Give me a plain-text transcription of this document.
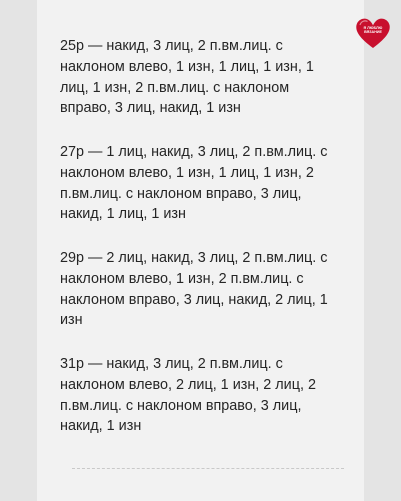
Я ЛЮБЛЮ
ВЯЗАНИЕ
25р — накид, 3 лиц, 2 п.вм.лиц. с
наклоном влево, 1 изн, 1 лиц, 1 изн, 1
лиц, 1 изн, 2 п.вм.лиц. с наклоном
вправо, 3 лиц, накид, 1 изн
27р — 1 лиц, накид, 3 лиц, 2 п.вм.лиц. с
наклоном влево, 1 изн, 1 лиц, 1 изн, 2
п.вм.лиц. с наклоном вправо, 3 лиц,
накид, 1 лиц, 1 изн
29р — 2 лиц, накид, 3 лиц, 2 п.вм.лиц. с
наклоном влево, 1 изн, 2 п.вм.лиц. с
наклоном вправо, 3 лиц, накид, 2 лиц, 1
изн
31р — накид, 3 лиц, 2 п.вм.лиц. с
наклоном влево, 2 лиц, 1 изн, 2 лиц, 2
п.вм.лиц. с наклоном вправо, 3 лиц,
накид, 1 изн
